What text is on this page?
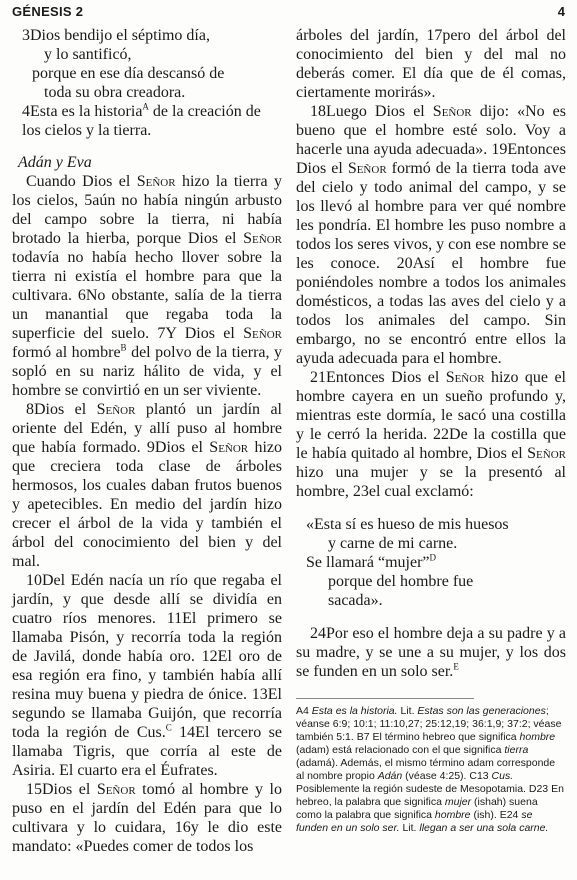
GÉNESIS 2	4
3Dios bendijo el séptimo día,
y lo santificó,
porque en ese día descansó de
toda su obra creadora.

4Esta es la historia$^A$ de la creación de los cielos y la tierra.

Adán y Eva

Cuando Dios el Señor hizo la tierra y los cielos, 5aún no había ningún arbusto del campo sobre la tierra, ni había brotado la hierba, porque Dios el Señor todavía no había hecho llover sobre la tierra ni existía el hombre para que la cultivara. 6No obstante, salía de la tierra un manantial que regaba toda la superficie del suelo. 7Y Dios el Señor formó al hombre$^B$ del polvo de la tierra, y sopló en su nariz hálito de vida, y el hombre se convirtió en un ser viviente.

8Dios el Señor plantó un jardín al oriente del Edén, y allí puso al hombre que había formado. 9Dios el Señor hizo que creciera toda clase de árboles hermosos, los cuales daban frutos buenos y apetecibles. En medio del jardín hizo crecer el árbol de la vida y también el árbol del conocimiento del bien y del mal.

10Del Edén nacía un río que regaba el jardín, y que desde allí se dividía en cuatro ríos menores. 11El primero se llamaba Pisón, y recorría toda la región de Javilá, donde había oro. 12El oro de esa región era fino, y también había allí resina muy buena y piedra de ónice. 13El segundo se llamaba Guijón, que recorría toda la región de Cus.$^C$ 14El tercero se llamaba Tigris, que corría al este de Asiria. El cuarto era el Éufrates.

15Dios el Señor tomó al hombre y lo puso en el jardín del Edén para que lo cultivara y lo cuidara, 16y le dio este mandato: «Puedes comer de todos los

árboles del jardín, 17pero del árbol del conocimiento del bien y del mal no deberás comer. El día que de él comas, ciertamente morirás».

18Luego Dios el Señor dijo: «No es bueno que el hombre esté solo. Voy a hacerle una ayuda adecuada». 19Entonces Dios el Señor formó de la tierra toda ave del cielo y todo animal del campo, y se los llevó al hombre para ver qué nombre les pondría. El hombre les puso nombre a todos los seres vivos, y con ese nombre se les conoce. 20Así el hombre fue poniéndoles nombre a todos los animales domésticos, a todas las aves del cielo y a todos los animales del campo. Sin embargo, no se encontró entre ellos la ayuda adecuada para el hombre.

21Entonces Dios el Señor hizo que el hombre cayera en un sueño profundo y, mientras este dormía, le sacó una costilla y le cerró la herida. 22De la costilla que le había quitado al hombre, Dios el Señor hizo una mujer y se la presentó al hombre, 23el cual exclamó:

«Esta sí es hueso de mis huesos
y carne de mi carne.
Se llamará “mujer”$^D$
porque del hombre fue
sacada».

24Por eso el hombre deja a su padre y a su madre, y se une a su mujer, y los dos se funden en un solo ser.$^E$

A4 Esta es la historia. Lit. Estas son las generaciones; véanse 6:9; 10:1; 11:10,27; 25:12,19; 36:1,9; 37:2; véase también 5:1. B7 El término hebreo que significa hombre (adam) está relacionado con el que significa tierra (adamá). Además, el mismo término adam corresponde al nombre propio Adán (véase 4:25). C13 Cus. Posiblemente la región sudeste de Mesopotamia. D23 En hebreo, la palabra que significa mujer (ishah) suena como la palabra que significa hombre (ish). E24 se funden en un solo ser. Lit. llegan a ser una sola carne.
